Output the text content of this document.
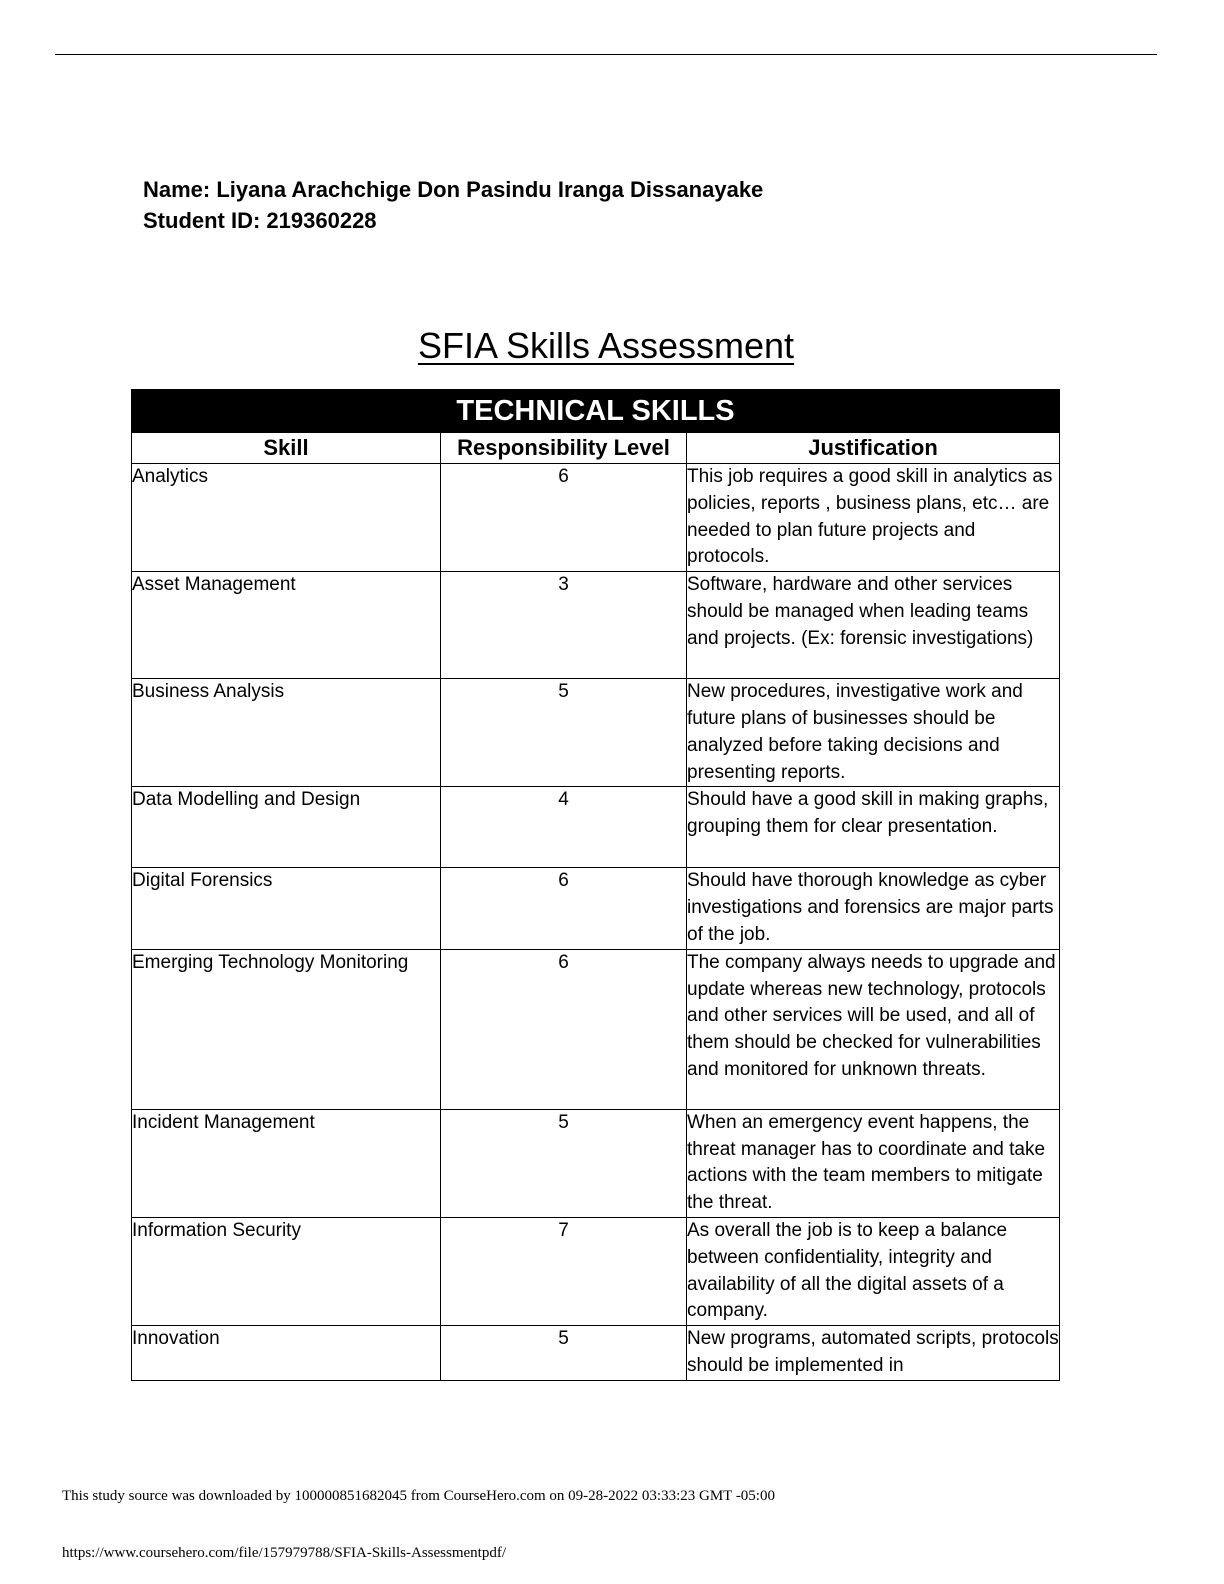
Name: Liyana Arachchige Don Pasindu Iranga Dissanayake
Student ID: 219360228
SFIA Skills Assessment
TECHNICAL SKILLS		
Skill	Responsibility Level	Justification
Analytics	6	This job requires a good skill in analytics as policies, reports , business plans, etc… are needed to plan future projects and protocols.
Asset Management	3	Software, hardware and other services should be managed when leading teams and projects. (Ex: forensic investigations)
Business Analysis	5	New procedures, investigative work and future plans of businesses should be analyzed before taking decisions and presenting reports.
Data Modelling and Design	4	Should have a good skill in making graphs, grouping them for clear presentation.
Digital Forensics	6	Should have thorough knowledge as cyber investigations and forensics are major parts of the job.
Emerging Technology Monitoring	6	The company always needs to upgrade and update whereas new technology, protocols and other services will be used, and all of them should be checked for vulnerabilities and monitored for unknown threats.
Incident Management	5	When an emergency event happens, the threat manager has to coordinate and take actions with the team members to mitigate the threat.
Information Security	7	As overall the job is to keep a balance between confidentiality, integrity and availability of all the digital assets of a company.
Innovation	5	New programs, automated scripts, protocols should be implemented in
This study source was downloaded by 100000851682045 from CourseHero.com on 09-28-2022 03:33:23 GMT -05:00
https://www.coursehero.com/file/157979788/SFIA-Skills-Assessmentpdf/
